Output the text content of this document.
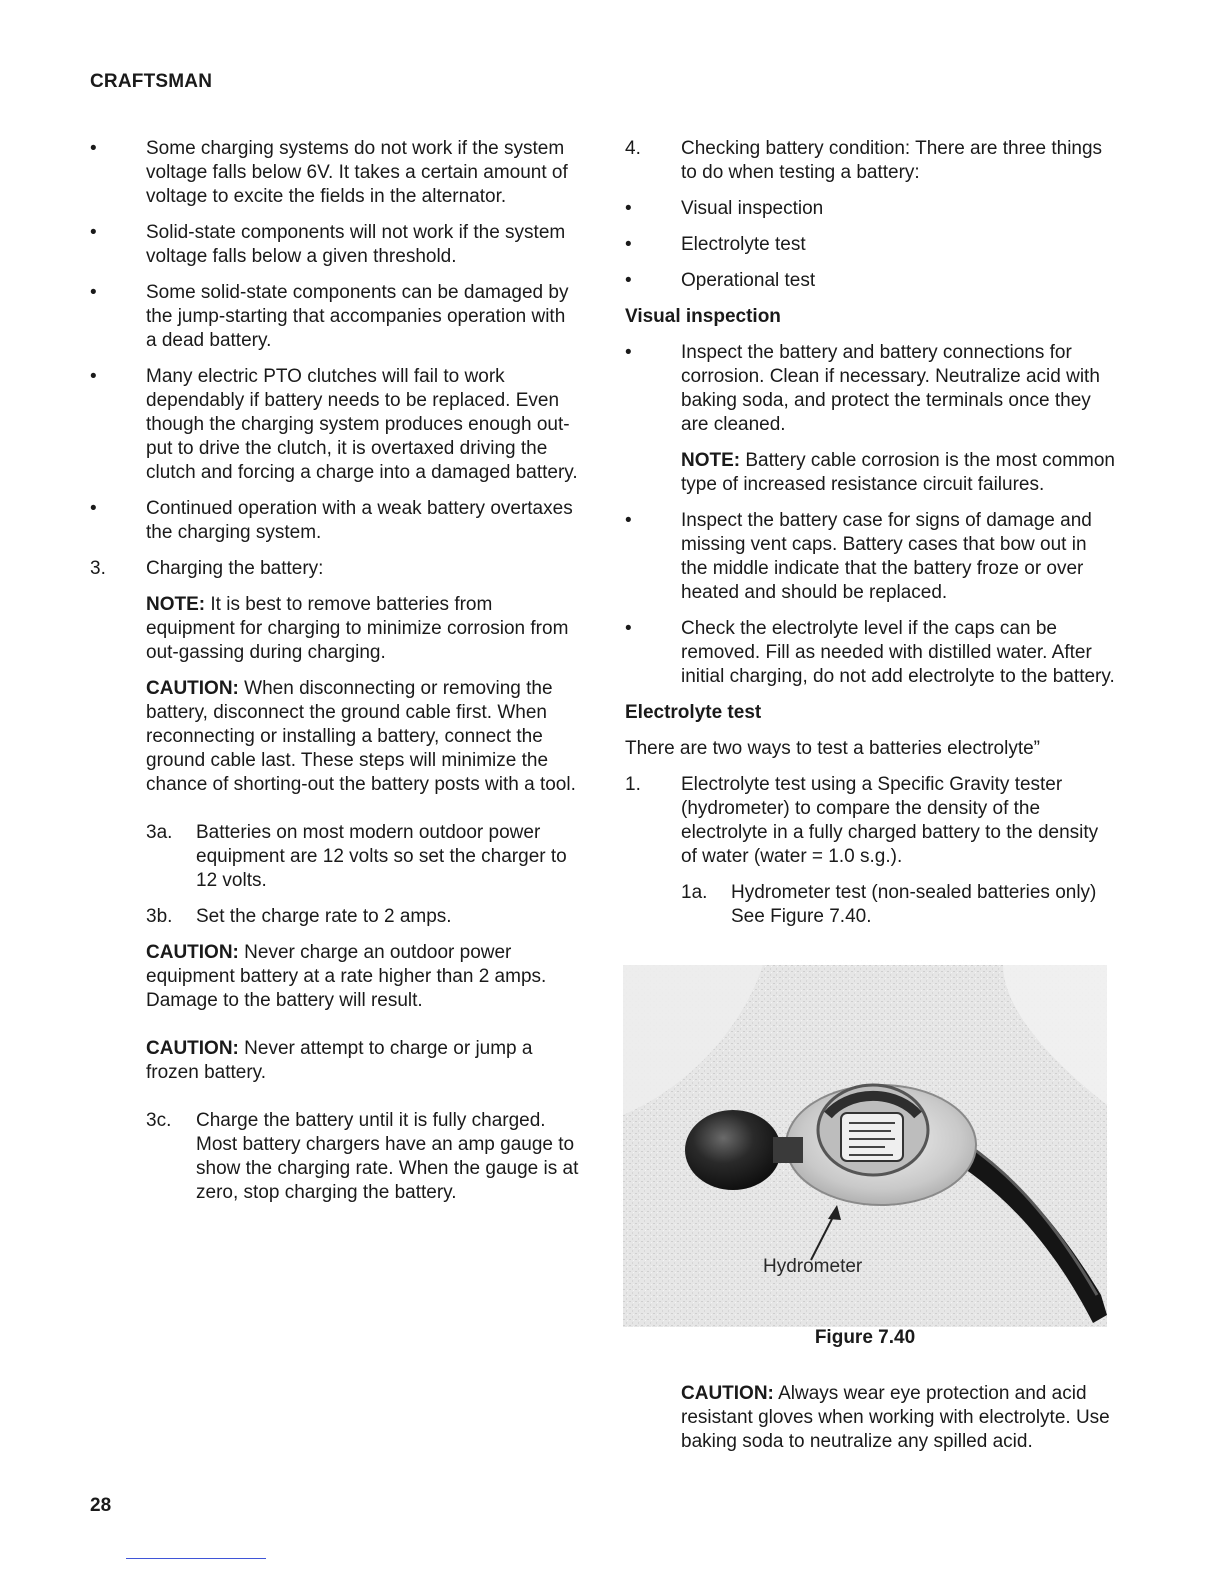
CRAFTSMAN
•
Some charging systems do not work if the system voltage falls below 6V. It takes a certain amount of voltage to excite the fields in the alternator.
•
Solid-state components will not work if the system voltage falls below a given threshold.
•
Some solid-state components can be damaged by the jump-starting that accompanies operation with a dead battery.
•
Many electric PTO clutches will fail to work dependably if battery needs to be replaced. Even though the charging system produces enough out-put to drive the clutch, it is overtaxed driving the clutch and forcing a charge into a damaged battery.
•
Continued operation with a weak battery overtaxes the charging system.
3.	Charging the battery:

NOTE: It is best to remove batteries from equipment for charging to minimize corrosion from out-gassing during charging.

CAUTION: When disconnecting or removing the battery, disconnect the ground cable first. When reconnecting or installing a battery, connect the ground cable last. These steps will minimize the chance of shorting-out the battery posts with a tool.

3a.	Batteries on most modern outdoor power equipment are 12 volts so set the charger to 12 volts.
3b.	Set the charge rate to 2 amps.

CAUTION: Never charge an outdoor power equipment battery at a rate higher than 2 amps. Damage to the battery will result.

CAUTION: Never attempt to charge or jump a frozen battery.

3c.	Charge the battery until it is fully charged. Most battery chargers have an amp gauge to show the charging rate. When the gauge is at zero, stop charging the battery.
4.	Checking battery condition: There are three things to do when testing a battery:
•
Visual inspection
•
Electrolyte test
•
Operational test
Visual inspection
•
Inspect the battery and battery connections for corrosion. Clean if necessary. Neutralize acid with baking soda, and protect the terminals once they are cleaned.

NOTE: Battery cable corrosion is the most common type of increased resistance circuit failures.

•
Inspect the battery case for signs of damage and missing vent caps. Battery cases that bow out in the middle indicate that the battery froze or over heated and should be replaced.
•
Check the electrolyte level if the caps can be removed. Fill as needed with distilled water. After initial charging, do not add electrolyte to the battery.
Electrolyte test

There are two ways to test a batteries electrolyte”

1.	Electrolyte test using a Specific Gravity tester (hydrometer) to compare the density of the electrolyte in a fully charged battery to the density of water (water = 1.0 s.g.).
1a.	Hydrometer test (non-sealed batteries only) See Figure 7.40.
Hydrometer
Figure 7.40

CAUTION: Always wear eye protection and acid resistant gloves when working with electrolyte. Use baking soda to neutralize any spilled acid.

28
